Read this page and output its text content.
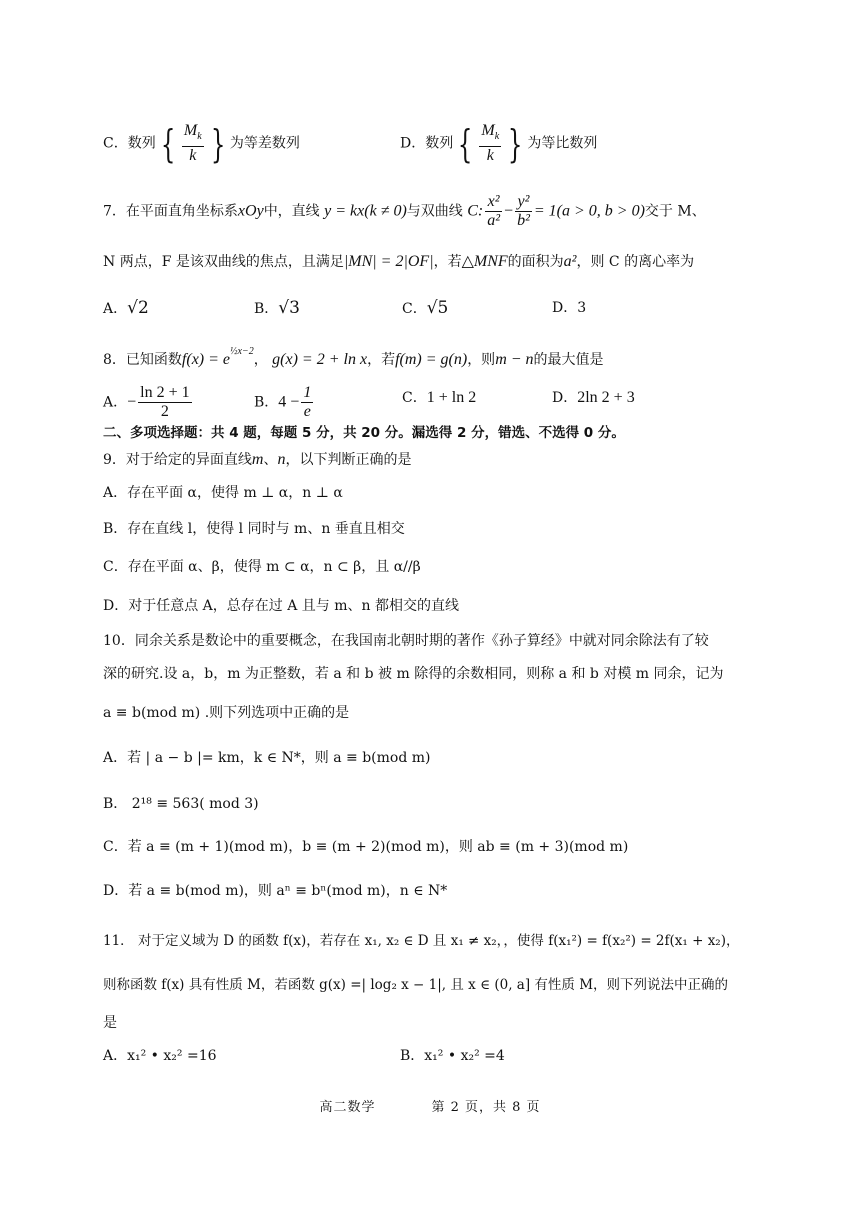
C．数列 { $\frac{M_k}{k}$ } 为等差数列	D．数列 { $\frac{M_k}{k}$ } 为等比数列
7．在平面直角坐标系xOy中，直线 y = kx(k ≠ 0)与双曲线 C: $\frac{\text{x²}}{\text{a²}} - \frac{\text{y²}}{\text{b²}} = 1(a > 0$, b > 0)交于 M、
N 两点，F 是该双曲线的焦点，且满足|MN| = 2|OF|，若△MNF的面积为a²，则 C 的离心率为
A．√2	B．√3	C．√5	D．3
8．已知函数$f(x) = e^{\frac{1}{2}x-2}$， g(x) = 2 + ln x，若f(m) = g(n)，则m − n的最大值是
A．− $\frac{\ln 2 + 1}{2}$	B．$4 - \frac{1}{e}$	C．1 + ln 2	D．2ln 2 + 3
二、多项选择题：共 4 题，每题 5 分，共 20 分。漏选得 2 分，错选、不选得 0 分。
9．对于给定的异面直线m、n，以下判断正确的是
A．存在平面 α，使得 m ⊥ α，n ⊥ α
B．存在直线 l，使得 l 同时与 m、n 垂直且相交
C．存在平面 α、β，使得 m ⊂ α，n ⊂ β，且 α//β
D．对于任意点 A，总存在过 A 且与 m、n 都相交的直线
10．同余关系是数论中的重要概念，在我国南北朝时期的著作《孙子算经》中就对同余除法有了较
深的研究.设 a，b，m 为正整数，若 a 和 b 被 m 除得的余数相同，则称 a 和 b 对模 m 同余，记为
a ≡ b(mod m) .则下列选项中正确的是
A．若 | a − b |= km，k ∈ N*，则 a ≡ b(mod m)
B． 2¹⁸ ≡ 563( mod 3)
C．若 a ≡ (m + 1)(mod m)，b ≡ (m + 2)(mod m)，则 ab ≡ (m + 3)(mod m)
D．若 a ≡ b(mod m)，则 aⁿ ≡ bⁿ(mod m)，n ∈ N*
11． 对于定义域为 D 的函数 f(x)，若存在 x₁, x₂ ∈ D 且 x₁ ≠ x₂，，使得 f(x₁²) = f(x₂²) = 2f(x₁ + x₂)，
则称函数 f(x) 具有性质 M，若函数 g(x) =| log₂ x − 1|, 且 x ∈ (0, a] 有性质 M，则下列说法中正确的
是
A．x₁² • x₂² =16	B．x₁² • x₂² =4
高二数学　　　　第 2 页，共 8 页
